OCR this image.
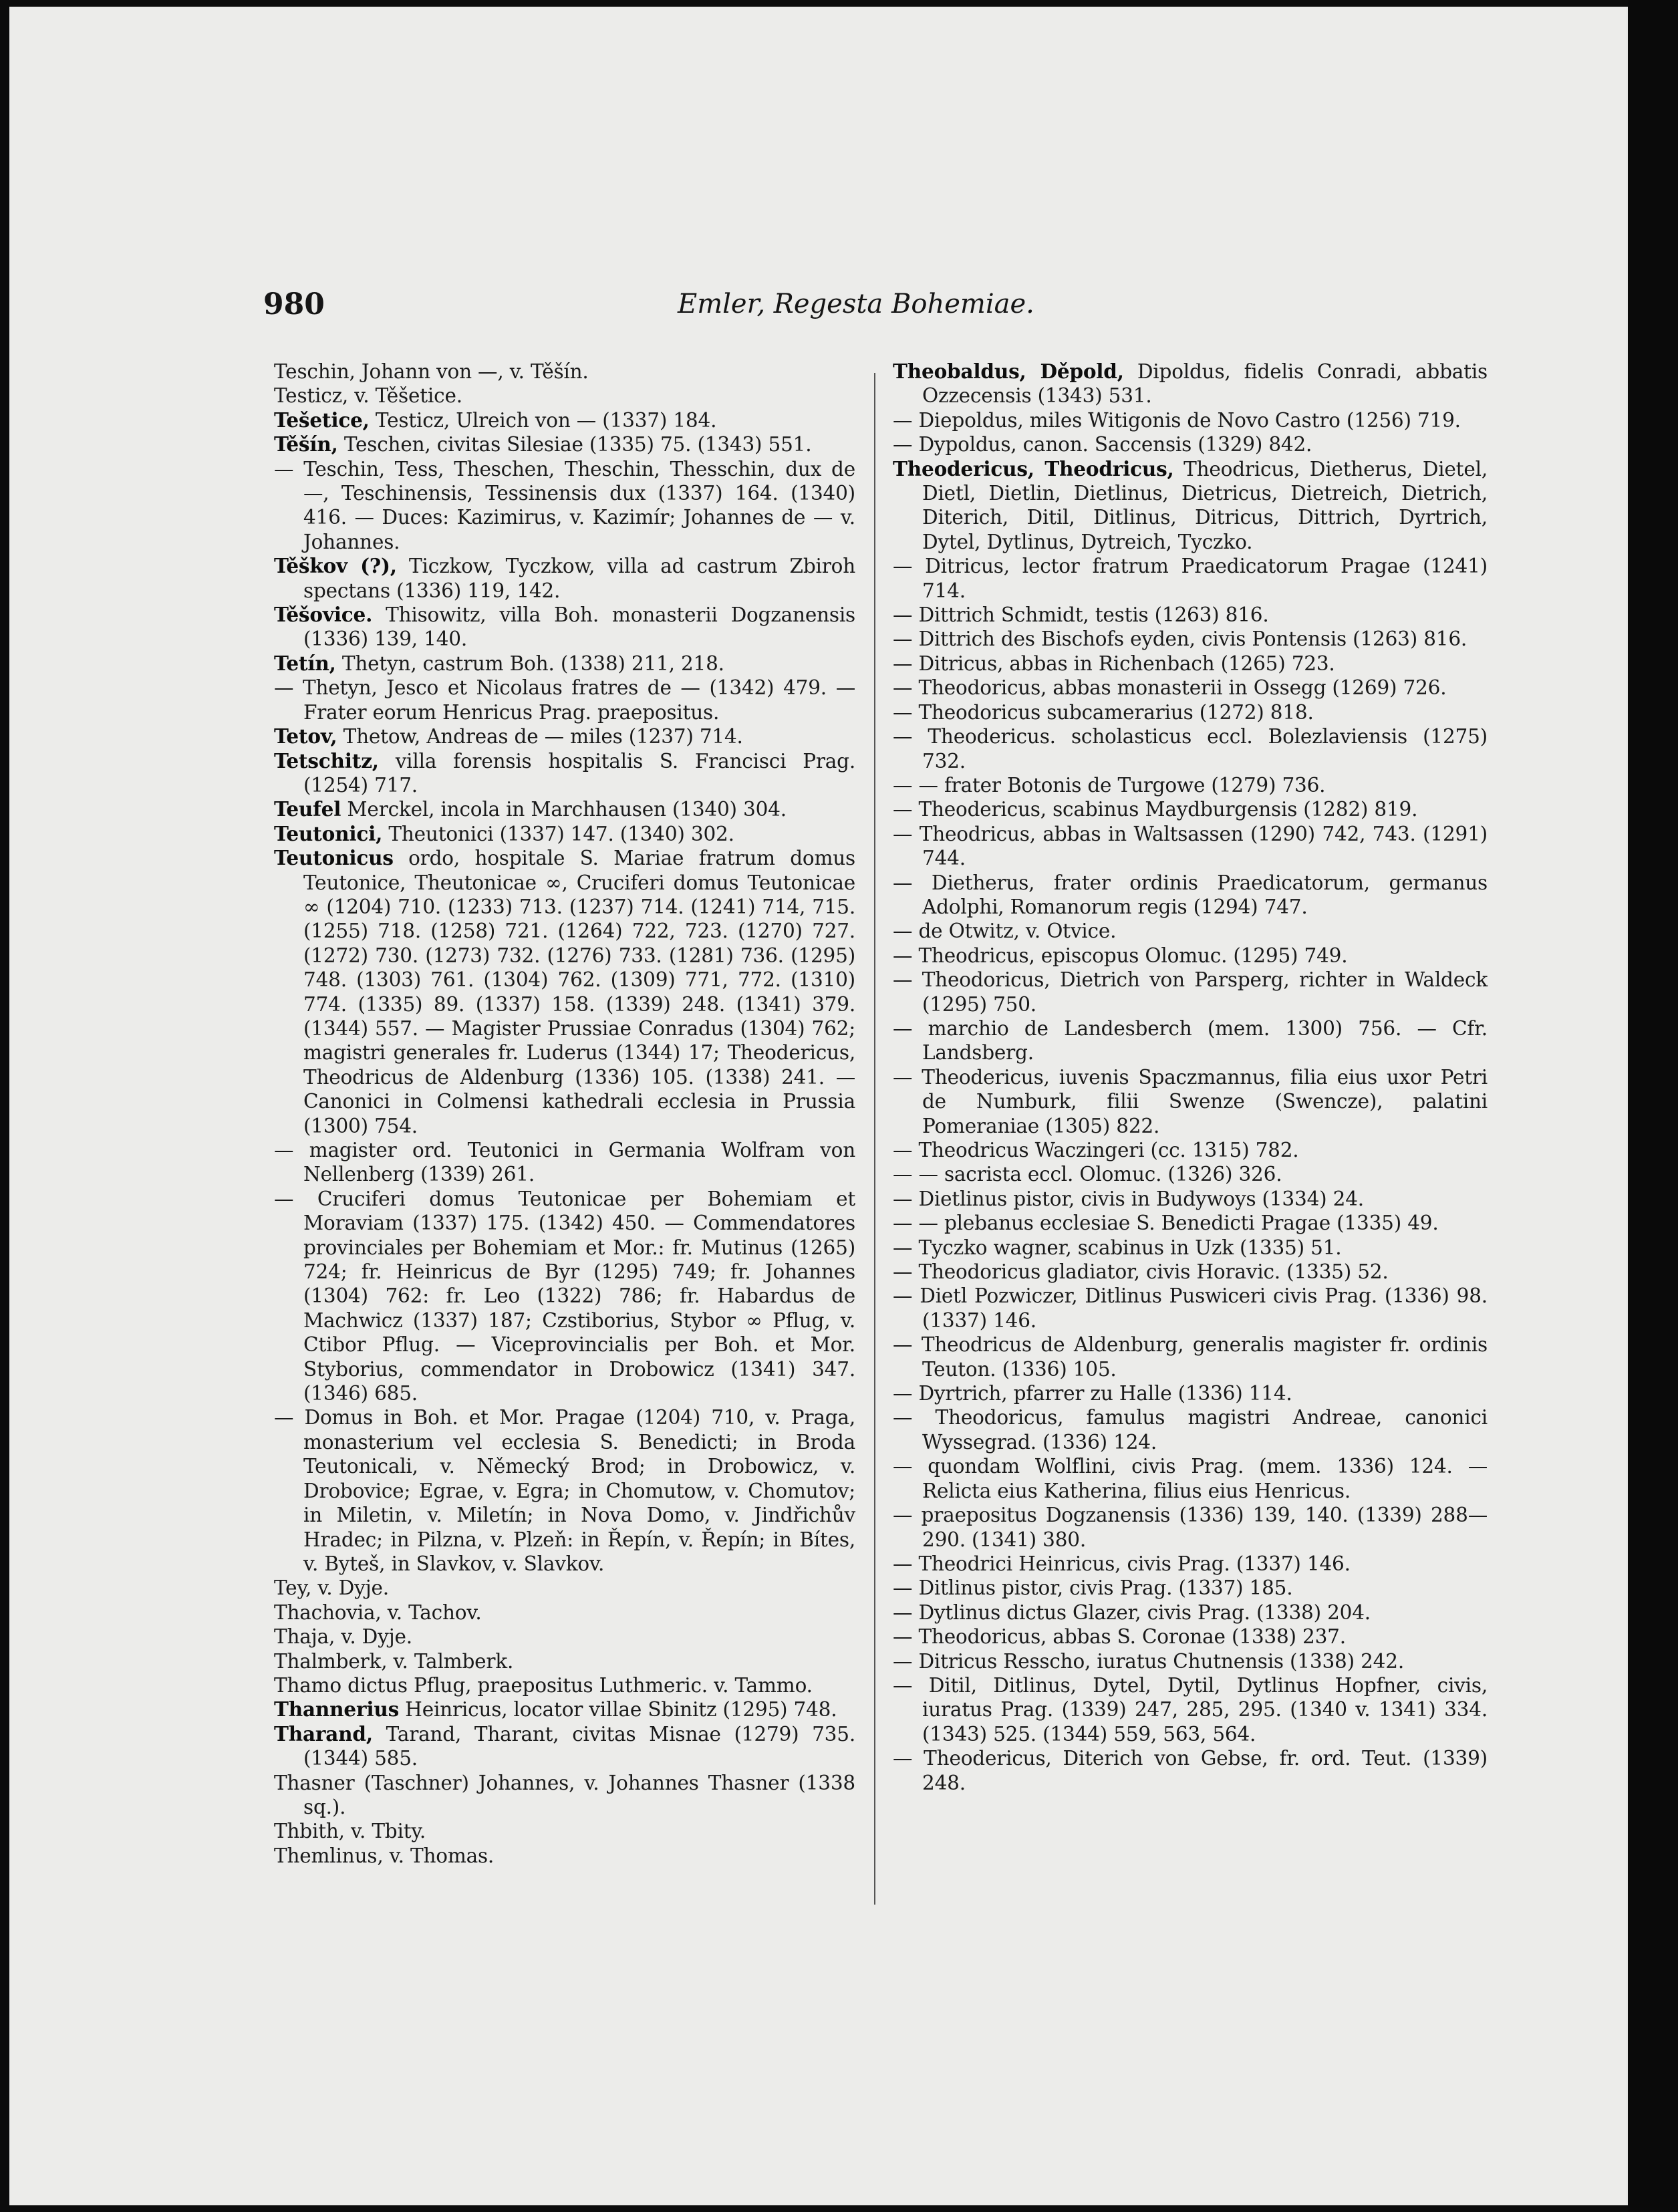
980	Emler, Regesta Bohemiae.

Teschin, Johann von —, v. Těšín.

Testicz, v. Těšetice.

Tešetice, Testicz, Ulreich von — (1337) 184.

Těšín, Teschen, civitas Silesiae (1335) 75. (1343) 551.

— Teschin, Tess, Theschen, Theschin, Thesschin, dux de —, Teschinensis, Tessinensis dux (1337) 164. (1340) 416. — Duces: Kazimirus, v. Kazimír; Johannes de — v. Johannes.

Těškov (?), Ticzkow, Tyczkow, villa ad castrum Zbiroh spectans (1336) 119, 142.

Těšovice. Thisowitz, villa Boh. monasterii Dogzanensis (1336) 139, 140.

Tetín, Thetyn, castrum Boh. (1338) 211, 218.

— Thetyn, Jesco et Nicolaus fratres de — (1342) 479. — Frater eorum Henricus Prag. praepositus.

Tetov, Thetow, Andreas de — miles (1237) 714.

Tetschitz, villa forensis hospitalis S. Francisci Prag. (1254) 717.

Teufel Merckel, incola in Marchhausen (1340) 304.

Teutonici, Theutonici (1337) 147. (1340) 302.

Teutonicus ordo, hospitale S. Mariae fratrum domus Teutonice, Theutonicae ∞, Cruciferi domus Teutonicae ∞ (1204) 710. (1233) 713. (1237) 714. (1241) 714, 715. (1255) 718. (1258) 721. (1264) 722, 723. (1270) 727. (1272) 730. (1273) 732. (1276) 733. (1281) 736. (1295) 748. (1303) 761. (1304) 762. (1309) 771, 772. (1310) 774. (1335) 89. (1337) 158. (1339) 248. (1341) 379. (1344) 557. — Magister Prussiae Conradus (1304) 762; magistri generales fr. Luderus (1344) 17; Theodericus, Theodricus de Aldenburg (1336) 105. (1338) 241. — Canonici in Colmensi kathedrali ecclesia in Prussia (1300) 754.

— magister ord. Teutonici in Germania Wolfram von Nellenberg (1339) 261.

— Cruciferi domus Teutonicae per Bohemiam et Moraviam (1337) 175. (1342) 450. — Commendatores provinciales per Bohemiam et Mor.: fr. Mutinus (1265) 724; fr. Heinricus de Byr (1295) 749; fr. Johannes (1304) 762: fr. Leo (1322) 786; fr. Habardus de Machwicz (1337) 187; Czstiborius, Stybor ∞ Pflug, v. Ctibor Pflug. — Viceprovincialis per Boh. et Mor. Styborius, commendator in Drobowicz (1341) 347. (1346) 685.

— Domus in Boh. et Mor. Pragae (1204) 710, v. Praga, monasterium vel ecclesia S. Benedicti; in Broda Teutonicali, v. Německý Brod; in Drobowicz, v. Drobovice; Egrae, v. Egra; in Chomutow, v. Chomutov; in Miletin, v. Miletín; in Nova Domo, v. Jindřichův Hradec; in Pilzna, v. Plzeň: in Řepín, v. Řepín; in Bítes, v. Byteš, in Slavkov, v. Slavkov.

Tey, v. Dyje.

Thachovia, v. Tachov.

Thaja, v. Dyje.

Thalmberk, v. Talmberk.

Thamo dictus Pflug, praepositus Luthmeric. v. Tammo.

Thannerius Heinricus, locator villae Sbinitz (1295) 748.

Tharand, Tarand, Tharant, civitas Misnae (1279) 735. (1344) 585.

Thasner (Taschner) Johannes, v. Johannes Thasner (1338 sq.).

Thbith, v. Tbity.

Themlinus, v. Thomas.

Theobaldus, Děpold, Dipoldus, fidelis Conradi, abbatis Ozzecensis (1343) 531.

— Diepoldus, miles Witigonis de Novo Castro (1256) 719.

— Dypoldus, canon. Saccensis (1329) 842.

Theodericus, Theodricus, Theodricus, Dietherus, Dietel, Dietl, Dietlin, Dietlinus, Dietricus, Dietreich, Dietrich, Diterich, Ditil, Ditlinus, Ditricus, Dittrich, Dyrtrich, Dytel, Dytlinus, Dytreich, Tyczko.

— Ditricus, lector fratrum Praedicatorum Pragae (1241) 714.

— Dittrich Schmidt, testis (1263) 816.

— Dittrich des Bischofs eyden, civis Pontensis (1263) 816.

— Ditricus, abbas in Richenbach (1265) 723.

— Theodoricus, abbas monasterii in Ossegg (1269) 726.

— Theodoricus subcamerarius (1272) 818.

— Theodericus. scholasticus eccl. Bolezlaviensis (1275) 732.

— — frater Botonis de Turgowe (1279) 736.

— Theodericus, scabinus Maydburgensis (1282) 819.

— Theodricus, abbas in Waltsassen (1290) 742, 743. (1291) 744.

— Dietherus, frater ordinis Praedicatorum, germanus Adolphi, Romanorum regis (1294) 747.

— de Otwitz, v. Otvice.

— Theodricus, episcopus Olomuc. (1295) 749.

— Theodoricus, Dietrich von Parsperg, richter in Waldeck (1295) 750.

— marchio de Landesberch (mem. 1300) 756. — Cfr. Landsberg.

— Theodericus, iuvenis Spaczmannus, filia eius uxor Petri de Numburk, filii Swenze (Swencze), palatini Pomeraniae (1305) 822.

— Theodricus Waczingeri (cc. 1315) 782.

— — sacrista eccl. Olomuc. (1326) 326.

— Dietlinus pistor, civis in Budywoys (1334) 24.

— — plebanus ecclesiae S. Benedicti Pragae (1335) 49.

— Tyczko wagner, scabinus in Uzk (1335) 51.

— Theodoricus gladiator, civis Horavic. (1335) 52.

— Dietl Pozwiczer, Ditlinus Puswiceri civis Prag. (1336) 98. (1337) 146.

— Theodricus de Aldenburg, generalis magister fr. ordinis Teuton. (1336) 105.

— Dyrtrich, pfarrer zu Halle (1336) 114.

— Theodoricus, famulus magistri Andreae, canonici Wyssegrad. (1336) 124.

— quondam Wolflini, civis Prag. (mem. 1336) 124. — Relicta eius Katherina, filius eius Henricus.

— praepositus Dogzanensis (1336) 139, 140. (1339) 288—290. (1341) 380.

— Theodrici Heinricus, civis Prag. (1337) 146.

— Ditlinus pistor, civis Prag. (1337) 185.

— Dytlinus dictus Glazer, civis Prag. (1338) 204.

— Theodoricus, abbas S. Coronae (1338) 237.

— Ditricus Resscho, iuratus Chutnensis (1338) 242.

— Ditil, Ditlinus, Dytel, Dytil, Dytlinus Hopfner, civis, iuratus Prag. (1339) 247, 285, 295. (1340 v. 1341) 334. (1343) 525. (1344) 559, 563, 564.

— Theodericus, Diterich von Gebse, fr. ord. Teut. (1339) 248.
